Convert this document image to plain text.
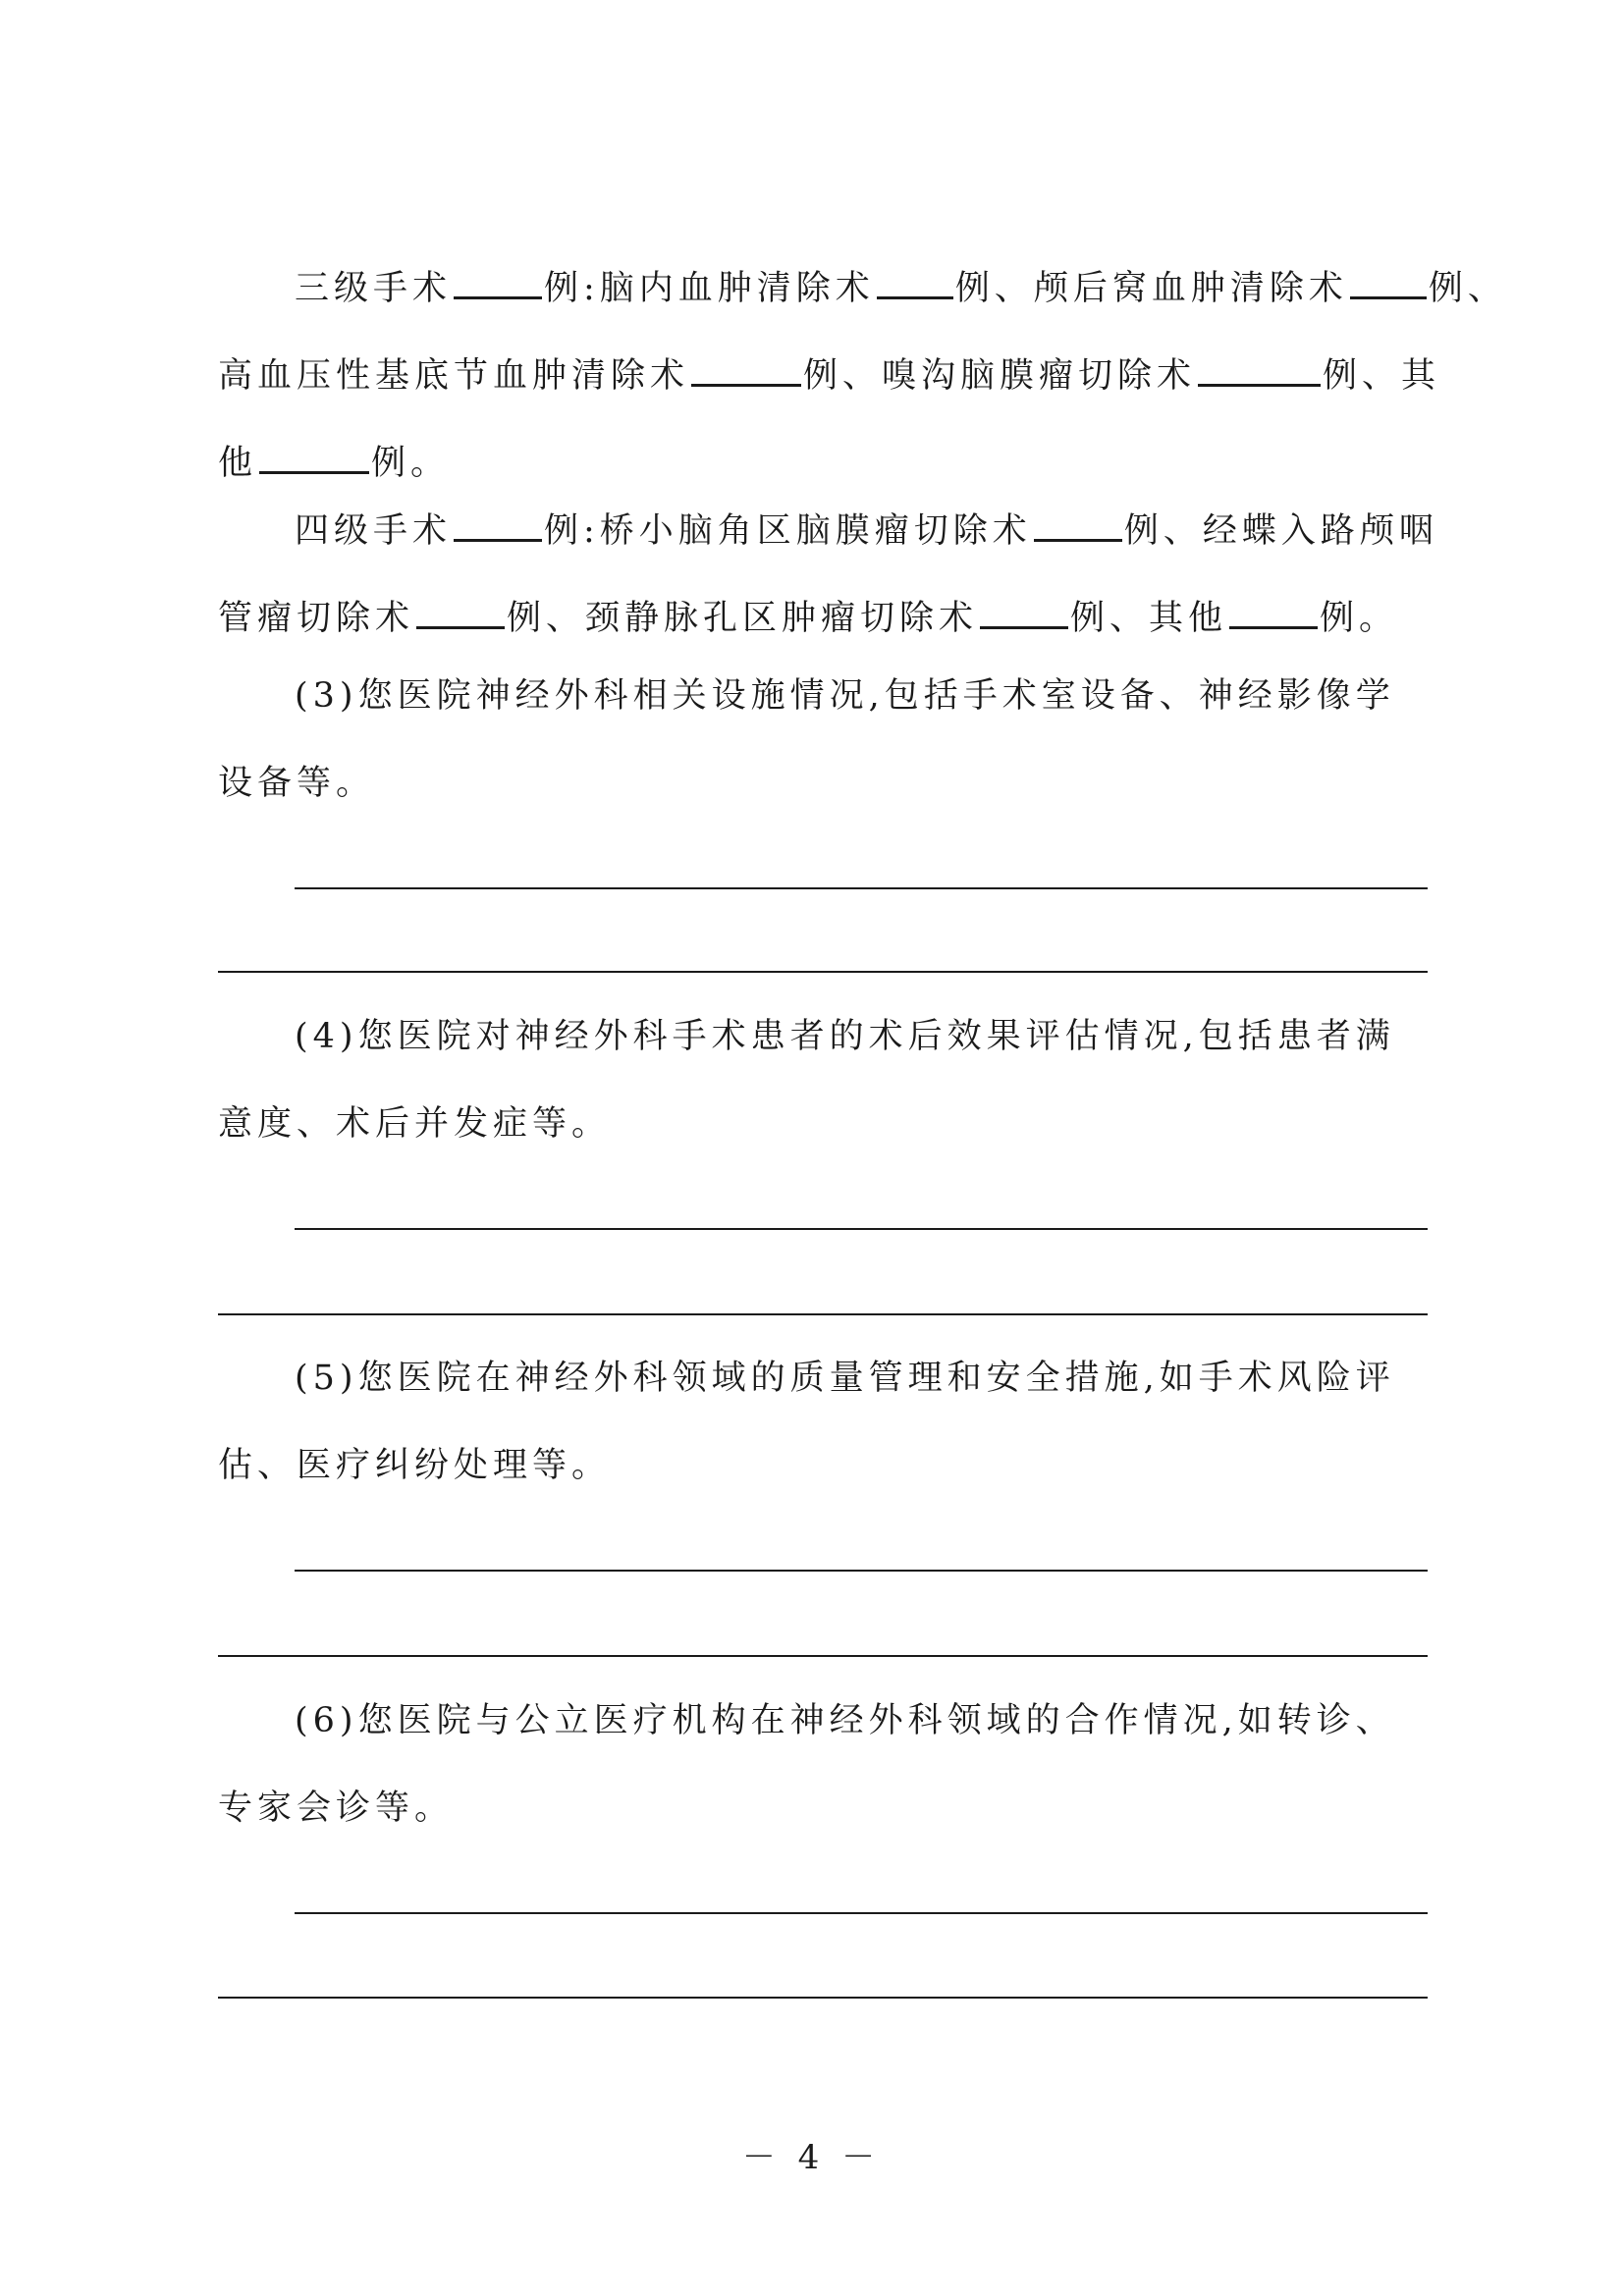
三级手术	例:脑内血肿清除术 例、颅后窝血肿清除术 例、
高血压性基底节血肿清除术	例、嗅沟脑膜瘤切除术	例、其
他	例。
四级手术	例:桥小脑角区脑膜瘤切除术	例、经蝶入路颅咽
管瘤切除术	例、颈静脉孔区肿瘤切除术	例、其他	例。
(3)您医院神经外科相关设施情况,包括手术室设备、神经影像学
设备等。
(4)您医院对神经外科手术患者的术后效果评估情况,包括患者满
意度、术后并发症等。
(5)您医院在神经外科领域的质量管理和安全措施,如手术风险评
估、医疗纠纷处理等。
(6)您医院与公立医疗机构在神经外科领域的合作情况,如转诊、
专家会诊等。
－ 4 －
